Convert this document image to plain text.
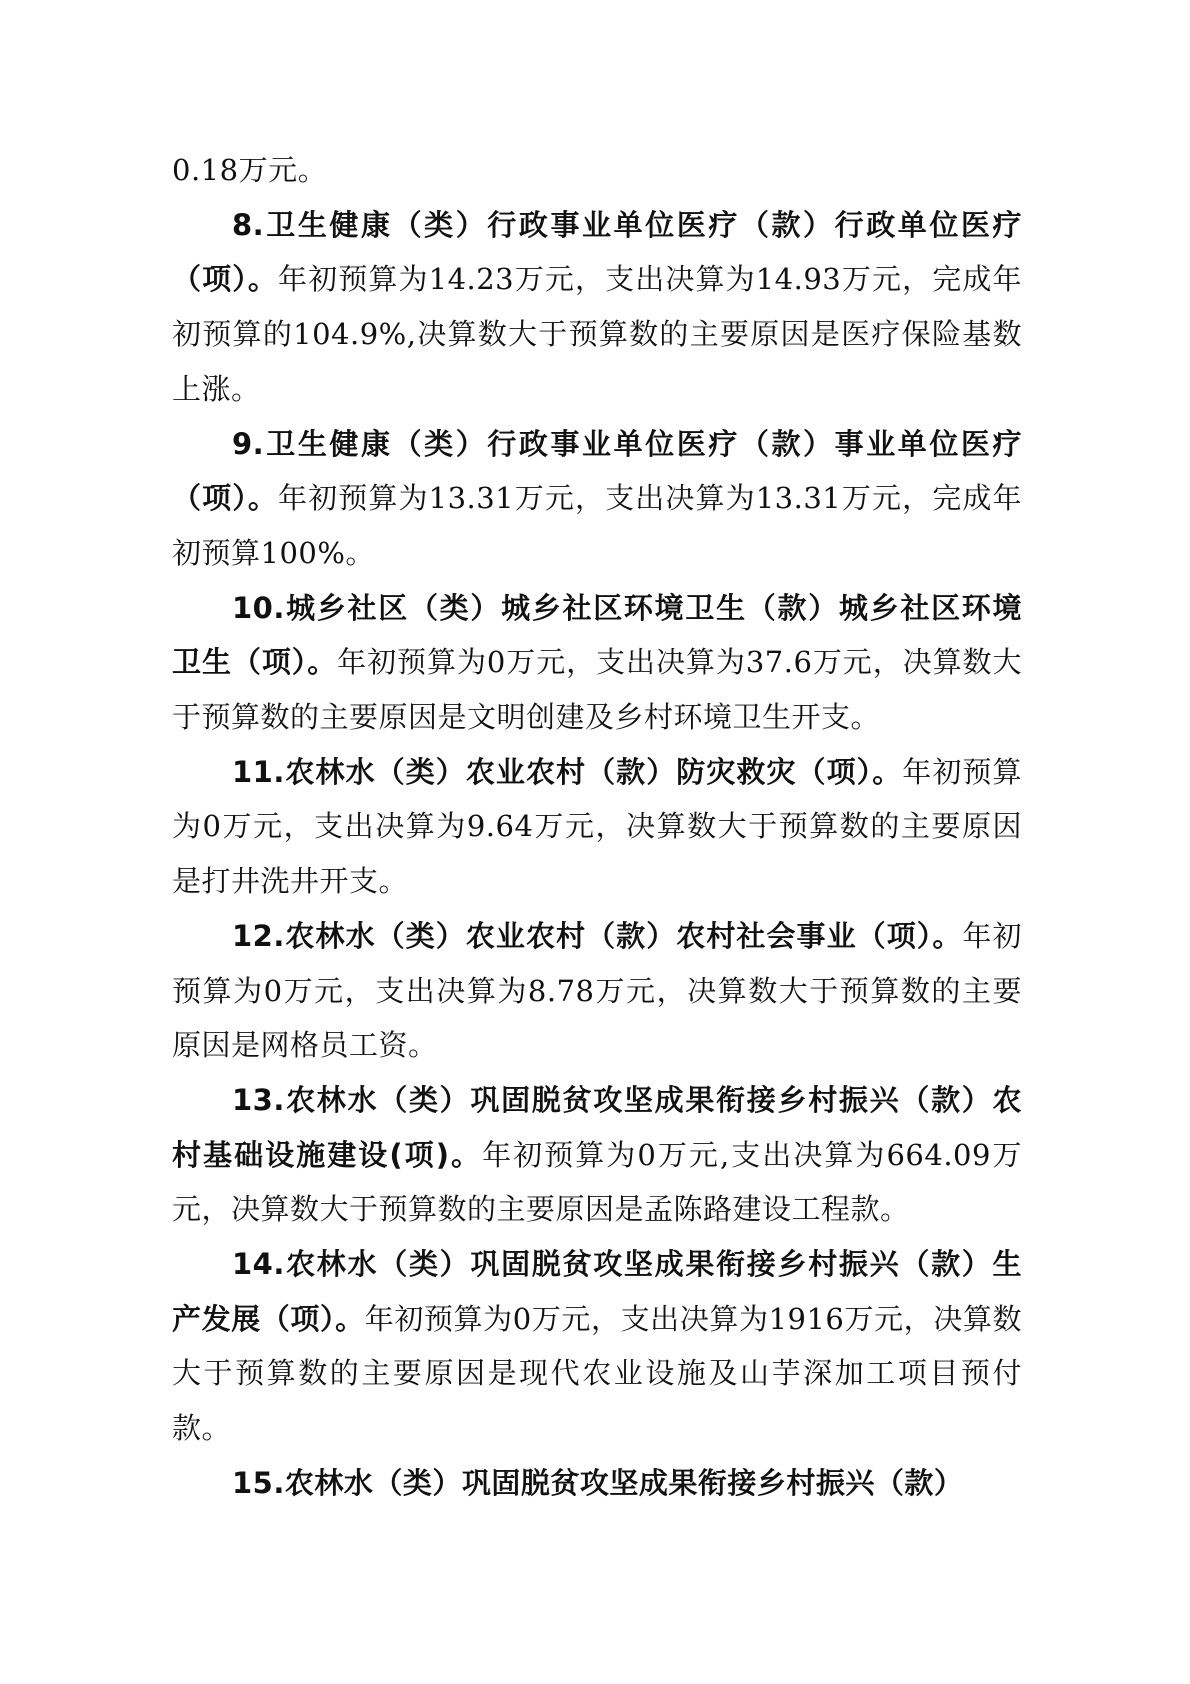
0.18万元。

8.卫生健康（类）行政事业单位医疗（款）行政单位医疗（项）。年初预算为14.23万元，支出决算为14.93万元，完成年初预算的104.9%,决算数大于预算数的主要原因是医疗保险基数上涨。

9.卫生健康（类）行政事业单位医疗（款）事业单位医疗（项）。年初预算为13.31万元，支出决算为13.31万元，完成年初预算100%。

10.城乡社区（类）城乡社区环境卫生（款）城乡社区环境卫生（项）。年初预算为0万元，支出决算为37.6万元，决算数大于预算数的主要原因是文明创建及乡村环境卫生开支。

11.农林水（类）农业农村（款）防灾救灾（项）。年初预算为0万元，支出决算为9.64万元，决算数大于预算数的主要原因是打井洗井开支。

12.农林水（类）农业农村（款）农村社会事业（项）。年初预算为0万元，支出决算为8.78万元，决算数大于预算数的主要原因是网格员工资。

13.农林水（类）巩固脱贫攻坚成果衔接乡村振兴（款）农村基础设施建设(项)。年初预算为0万元,支出决算为664.09万元，决算数大于预算数的主要原因是孟陈路建设工程款。

14.农林水（类）巩固脱贫攻坚成果衔接乡村振兴（款）生产发展（项）。年初预算为0万元，支出决算为1916万元，决算数大于预算数的主要原因是现代农业设施及山芋深加工项目预付款。

15.农林水（类）巩固脱贫攻坚成果衔接乡村振兴（款）
